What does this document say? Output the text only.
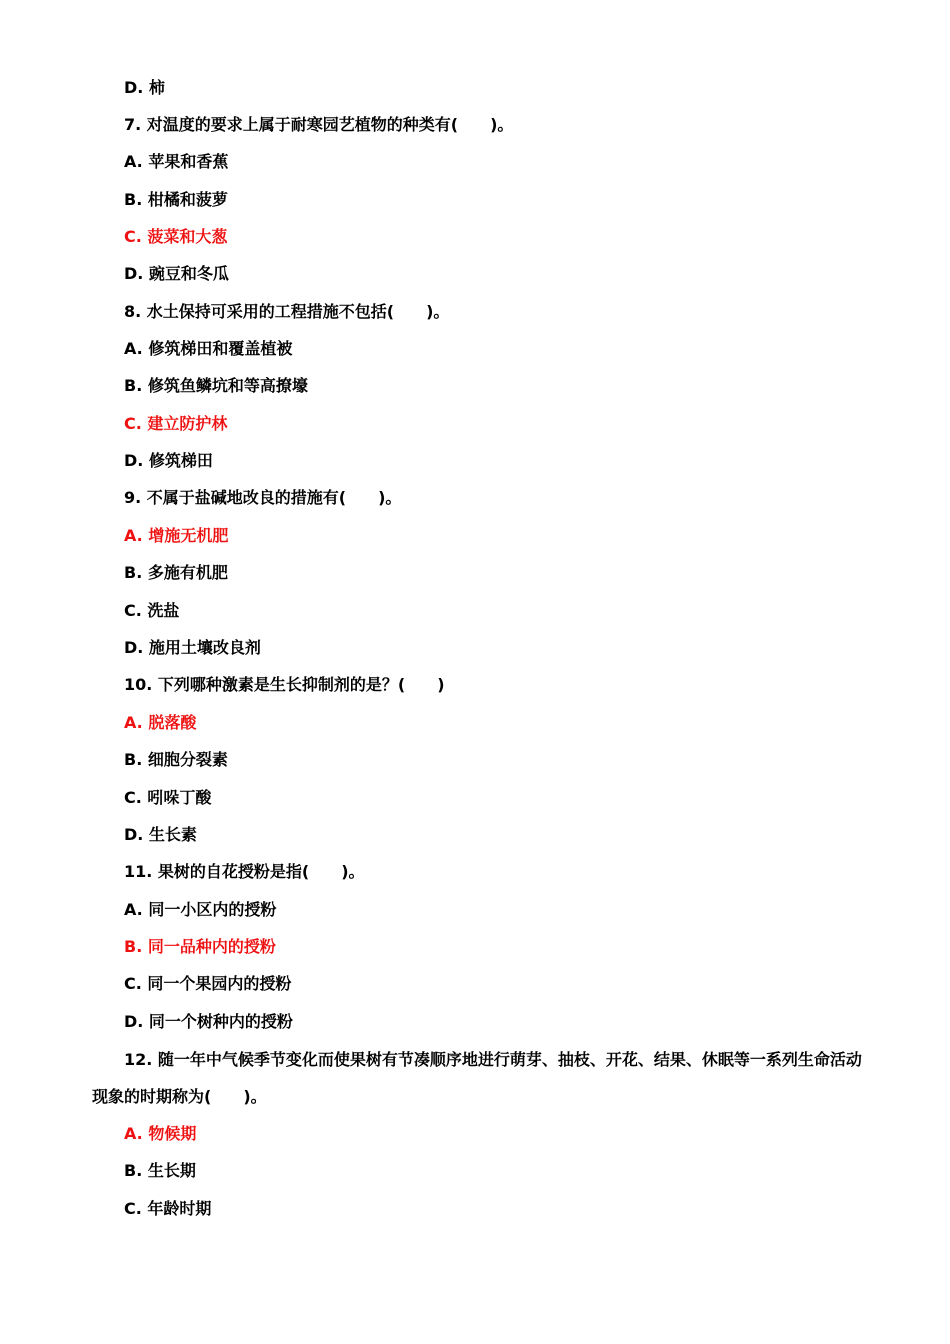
D. 柿
7. 对温度的要求上属于耐寒园艺植物的种类有(　　)。
A. 苹果和香蕉
B. 柑橘和菠萝
C. 菠菜和大葱
D. 豌豆和冬瓜
8. 水土保持可采用的工程措施不包括(　　)。
A. 修筑梯田和覆盖植被
B. 修筑鱼鳞坑和等高撩壕
C. 建立防护林
D. 修筑梯田
9. 不属于盐碱地改良的措施有(　　)。
A. 增施无机肥
B. 多施有机肥
C. 洗盐
D. 施用土壤改良剂
10. 下列哪种激素是生长抑制剂的是？(　　)
A. 脱落酸
B. 细胞分裂素
C. 吲哚丁酸
D. 生长素
11. 果树的自花授粉是指(　　)。
A. 同一小区内的授粉
B. 同一品种内的授粉
C. 同一个果园内的授粉
D. 同一个树种内的授粉
12. 随一年中气候季节变化而使果树有节凑顺序地进行萌芽、抽枝、开花、结果、休眠等一系列生命活动现象的时期称为(　　)。
A. 物候期
B. 生长期
C. 年龄时期
